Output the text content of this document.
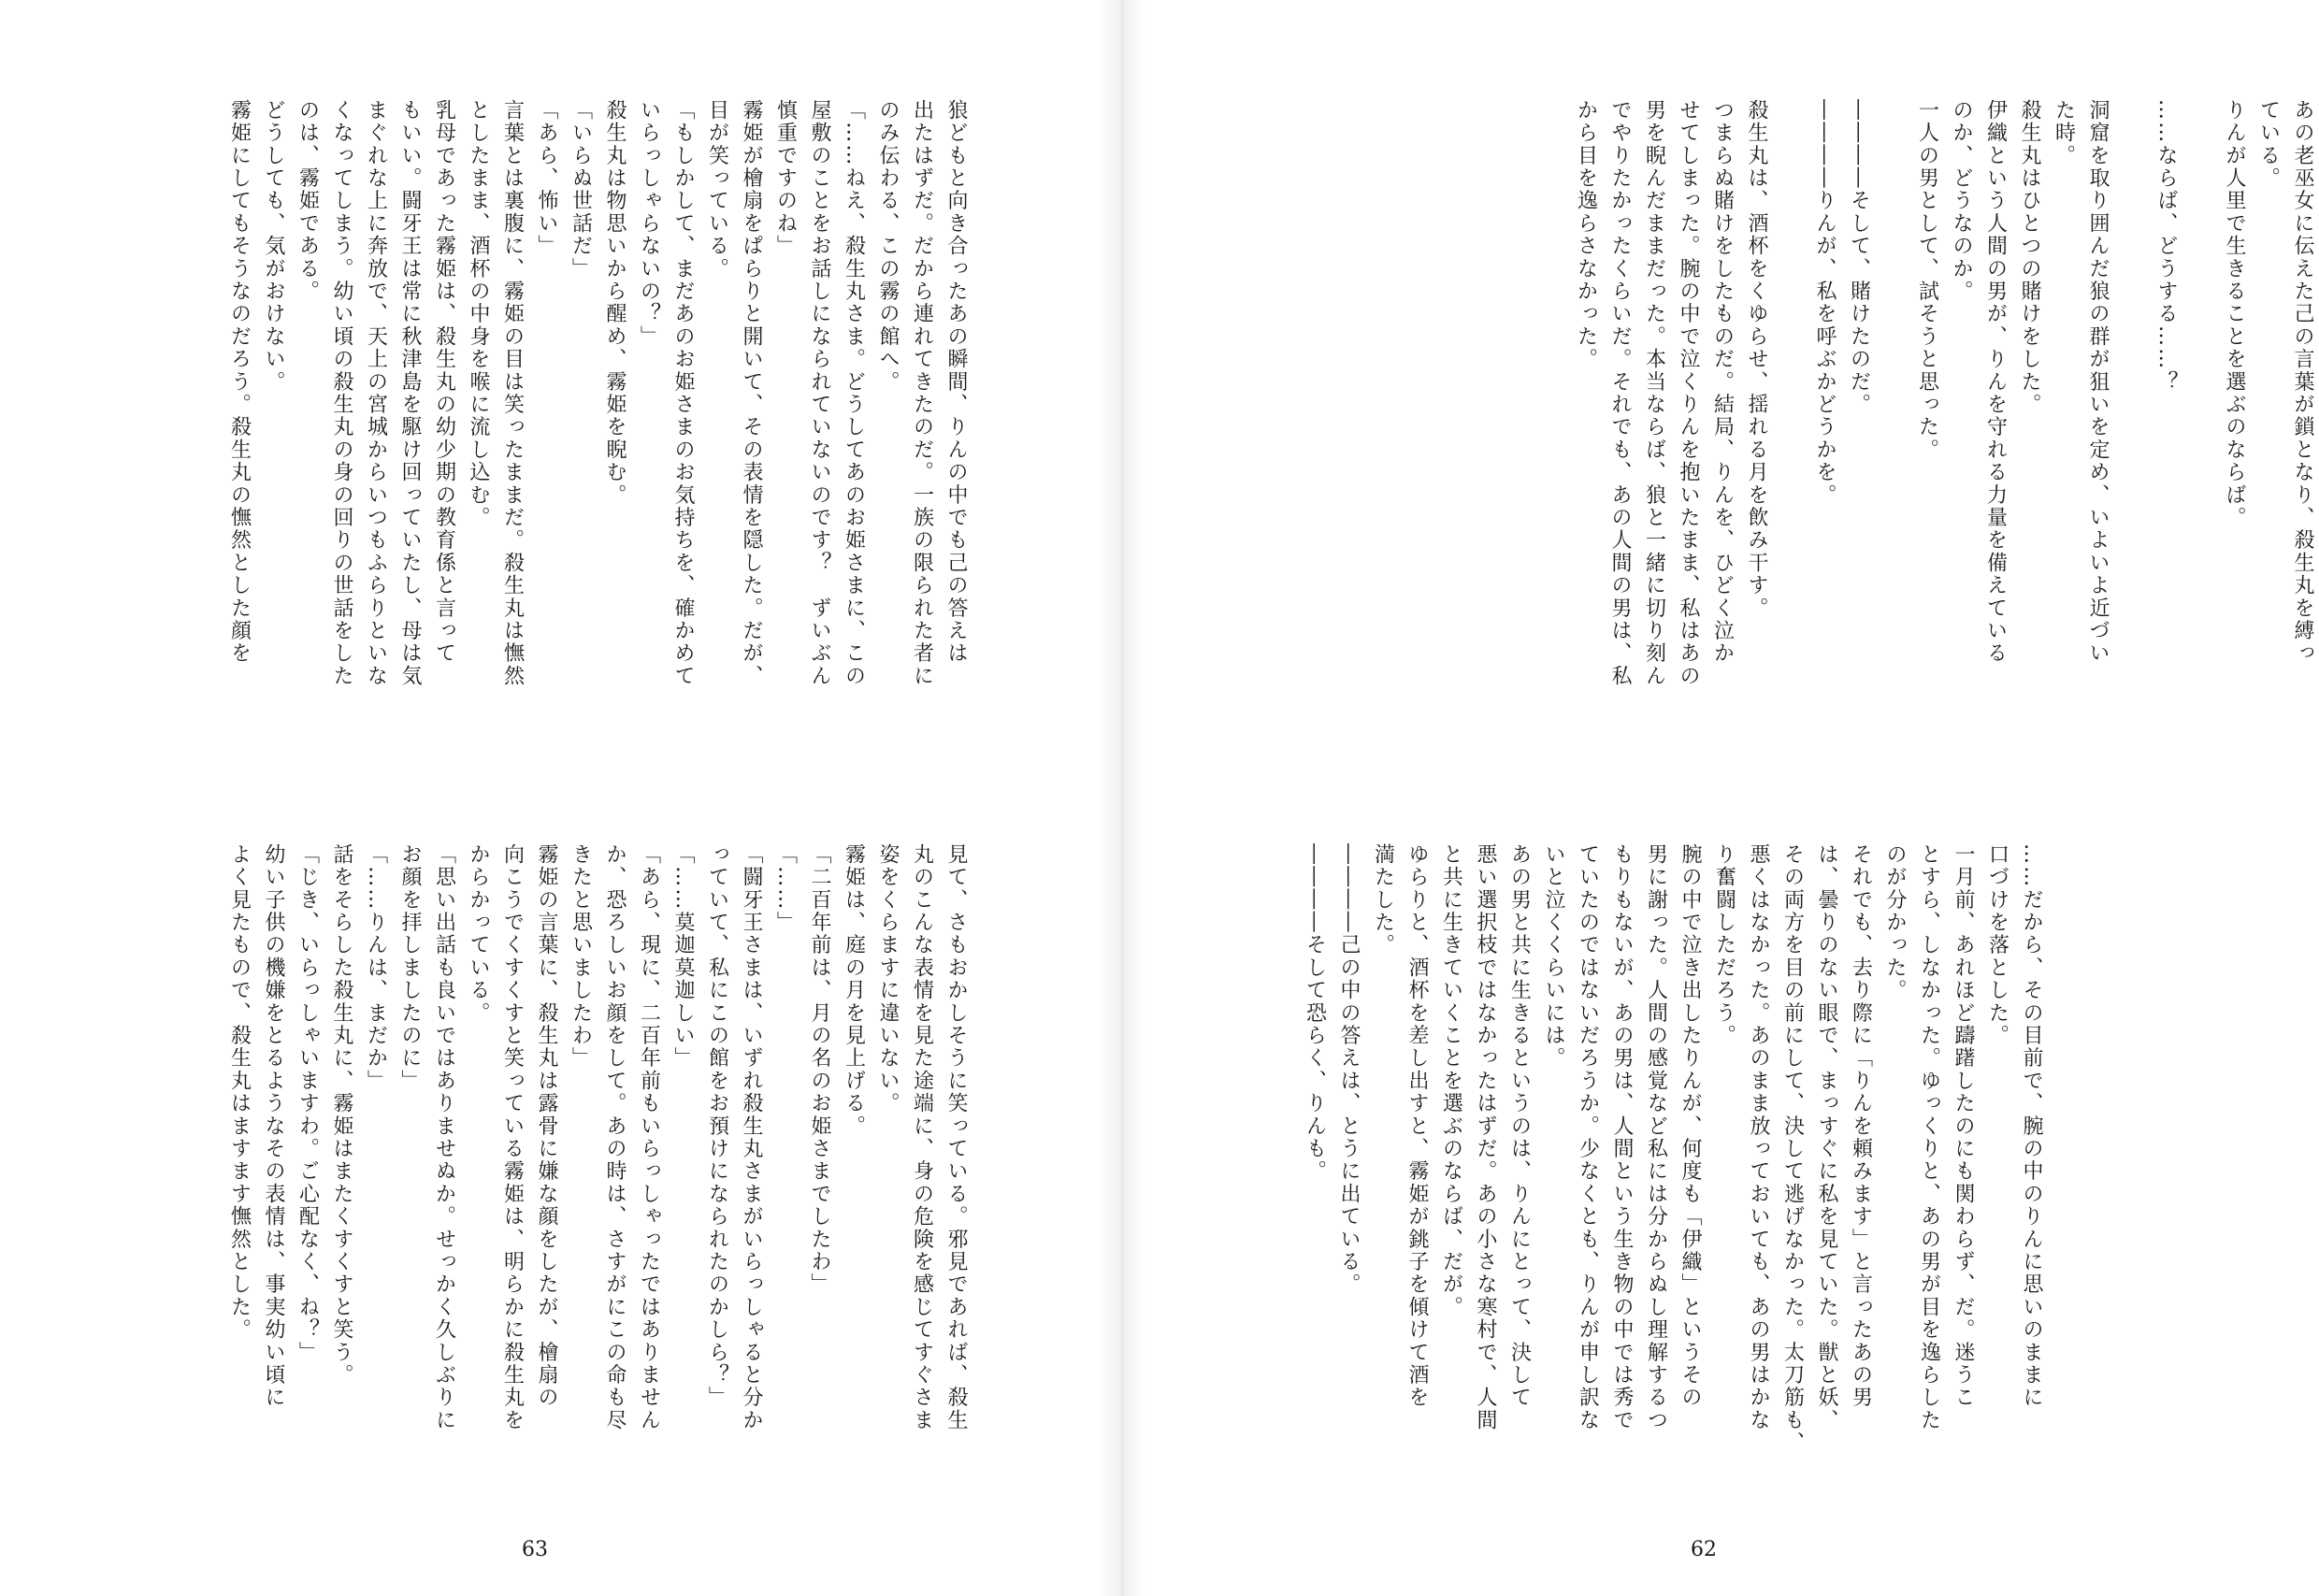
狼どもと向き合ったあの瞬間、りんの中でも己の答えは

出たはずだ。だから連れてきたのだ。一族の限られた者に

のみ伝わる、この霧の館へ。

「……ねえ、殺生丸さま。どうしてあのお姫さまに、この

屋敷のことをお話しになられていないのです？　ずいぶん

慎重ですのね」

霧姫が檜扇をぱらりと開いて、その表情を隠した。だが、

目が笑っている。

「もしかして、まだあのお姫さまのお気持ちを、確かめて

いらっしゃらないの？」

殺生丸は物思いから醒め、霧姫を睨む。

「いらぬ世話だ」

「あら、怖い」

言葉とは裏腹に、霧姫の目は笑ったままだ。殺生丸は憮然

としたまま、酒杯の中身を喉に流し込む。

乳母であった霧姫は、殺生丸の幼少期の教育係と言って

もいい。闘牙王は常に秋津島を駆け回っていたし、母は気

まぐれな上に奔放で、天上の宮城からいつもふらりといな

くなってしまう。幼い頃の殺生丸の身の回りの世話をした

のは、霧姫である。

どうしても、気がおけない。

霧姫にしてもそうなのだろう。殺生丸の憮然とした顔を

見て、さもおかしそうに笑っている。邪見であれば、殺生

丸のこんな表情を見た途端に、身の危険を感じてすぐさま

姿をくらますに違いない。

霧姫は、庭の月を見上げる。

「二百年前は、月の名のお姫さまでしたわ」

「……」

「闘牙王さまは、いずれ殺生丸さまがいらっしゃると分か

っていて、私にこの館をお預けになられたのかしら？」

「……莫迦莫迦しい」

「あら、現に、二百年前もいらっしゃったではありません

か、恐ろしいお顔をして。あの時は、さすがにこの命も尽

きたと思いましたわ」

霧姫の言葉に、殺生丸は露骨に嫌な顔をしたが、檜扇の

向こうでくすくすと笑っている霧姫は、明らかに殺生丸を

からかっている。

「思い出話も良いではありませぬか。せっかく久しぶりに

お顔を拝しましたのに」

「……りんは、まだか」

話をそらした殺生丸に、霧姫はまたくすくすと笑う。

「じき、いらっしゃいますわ。ご心配なく、ね？」

幼い子供の機嫌をとるようなその表情は、事実幼い頃に

よく見たもので、殺生丸はますます憮然とした。

63

あの老巫女に伝えた己の言葉が鎖となり、殺生丸を縛っ

ている。

りんが人里で生きることを選ぶのならば。

……ならば、どうする……？

洞窟を取り囲んだ狼の群が狙いを定め、いよいよ近づい

た時。

殺生丸はひとつの賭けをした。

伊織という人間の男が、りんを守れる力量を備えている

のか、どうなのか。

一人の男として、試そうと思った。

――――そして、賭けたのだ。

――――りんが、私を呼ぶかどうかを。

殺生丸は、酒杯をくゆらせ、揺れる月を飲み干す。

つまらぬ賭けをしたものだ。結局、りんを、ひどく泣か

せてしまった。腕の中で泣くりんを抱いたまま、私はあの

男を睨んだままだった。本当ならば、狼と一緒に切り刻ん

でやりたかったくらいだ。それでも、あの人間の男は、私

から目を逸らさなかった。

……だから、その目前で、腕の中のりんに思いのままに

口づけを落とした。

一月前、あれほど躊躇したのにも関わらず、だ。迷うこ

とすら、しなかった。ゆっくりと、あの男が目を逸らした

のが分かった。

それでも、去り際に「りんを頼みます」と言ったあの男

は、曇りのない眼で、まっすぐに私を見ていた。獣と妖、

その両方を目の前にして、決して逃げなかった。太刀筋も、

悪くはなかった。あのまま放っておいても、あの男はかな

り奮闘しただろう。

腕の中で泣き出したりんが、何度も「伊織」というその

男に謝った。人間の感覚など私には分からぬし理解するつ

もりもないが、あの男は、人間という生き物の中では秀で

ていたのではないだろうか。少なくとも、りんが申し訳な

いと泣くくらいには。

あの男と共に生きるというのは、りんにとって、決して

悪い選択枝ではなかったはずだ。あの小さな寒村で、人間

と共に生きていくことを選ぶのならば、だが。

ゆらりと、酒杯を差し出すと、霧姫が銚子を傾けて酒を

満たした。

――――己の中の答えは、とうに出ている。

――――そして恐らく、りんも。

62
